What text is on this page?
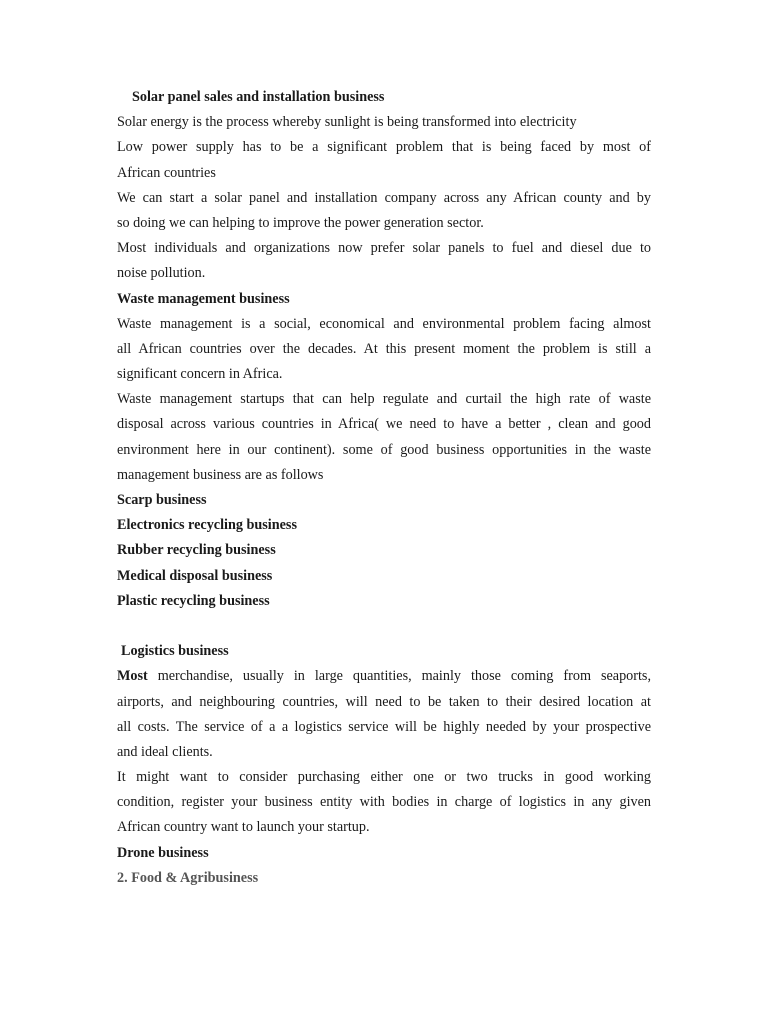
Solar panel sales and installation business
Solar energy is the process whereby sunlight is being transformed into electricity
Low power supply has to be a significant problem that is being faced by most of
African countries
We can start a solar panel and installation company across any African county and by
so doing we can helping to improve the power generation sector.
Most individuals and organizations now prefer solar panels to fuel and diesel due to
noise pollution.
Waste management business
Waste management is a social, economical and environmental problem facing almost
all African countries over the decades. At this present moment the problem is still a
significant concern in Africa.
Waste management startups that can help regulate and curtail the high rate of waste
disposal across various countries in Africa( we need to have a better , clean and good
environment here in our continent). some of good business opportunities in the waste
management business are as follows
Scarp business
Electronics recycling business
Rubber recycling business
Medical disposal business
Plastic recycling business
Logistics business
Most merchandise, usually in large quantities, mainly those coming from seaports,
airports, and neighbouring countries, will need to be taken to their desired location at
all costs. The service of a a logistics service will be highly needed by your prospective
and ideal clients.
It might want to consider purchasing either one or two trucks in good working
condition, register your business entity with bodies in charge of logistics in any given
African country want to launch your startup.
Drone business
2. Food & Agribusiness
